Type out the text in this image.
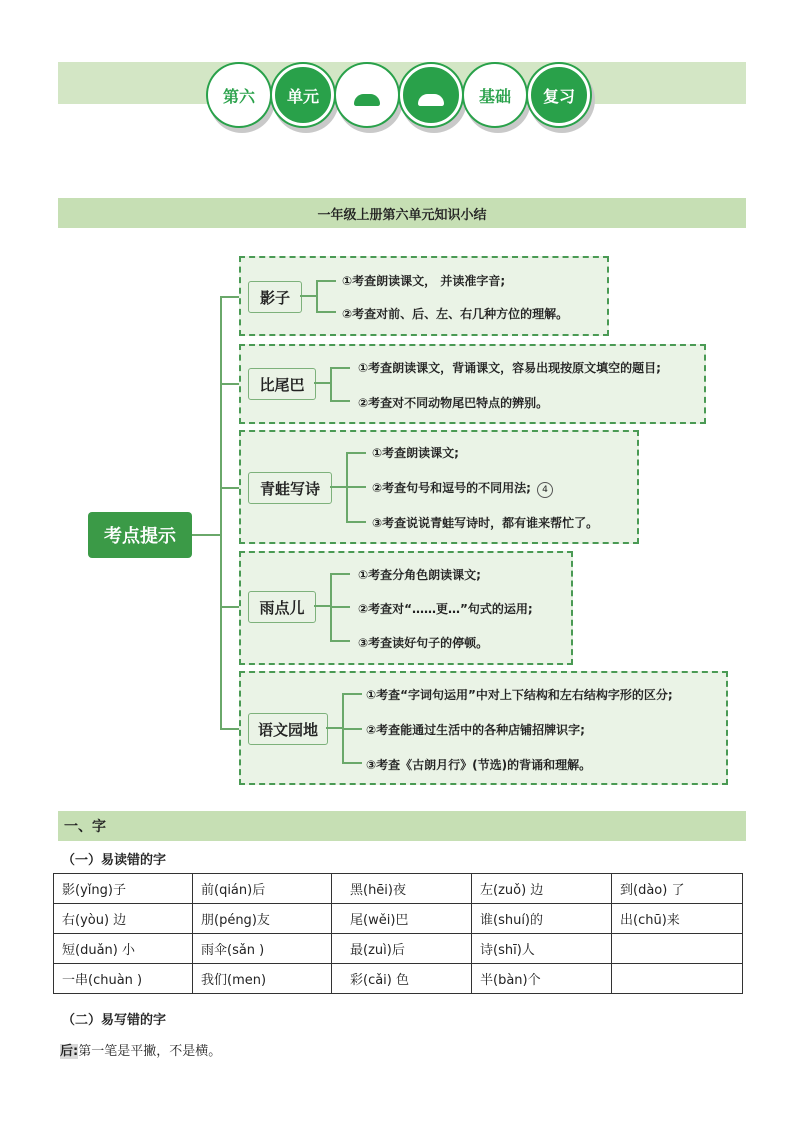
第六 单元	基础 复习
一年级上册第六单元知识小结
影子
①考查朗读课文， 并读准字音;
②考查对前、后、左、右几种方位的理解。
比尾巴
①考查朗读课文，背诵课文，容易出现按原文填空的题目;
②考查对不同动物尾巴特点的辨别。
青蛙写诗
①考查朗读课文;
②考查句号和逗号的不同用法; 4
③考查说说青蛙写诗时，都有谁来帮忙了。
雨点儿
①考查分角色朗读课文;
②考查对“……更…”句式的运用;
③考查读好句子的停顿。
语文园地
①考查“字词句运用”中对上下结构和左右结构字形的区分;
②考查能通过生活中的各种店铺招牌识字;
③考查《古朗月行》(节选)的背诵和理解。
考点提示
一、字
（一）易读错的字
影(yǐng)子	前(qián)后	黑(hēi)夜	左(zuǒ) 边	到(dào) 了
右(yòu) 边	朋(péng)友	尾(wěi)巴	谁(shuí)的	出(chū)来
短(duǎn) 小	雨伞(sǎn )	最(zuì)后	诗(shī)人	
一串(chuàn )	我们(men)	彩(cǎi) 色	半(bàn)个	
（二）易写错的字
后:第一笔是平撇，不是横。
